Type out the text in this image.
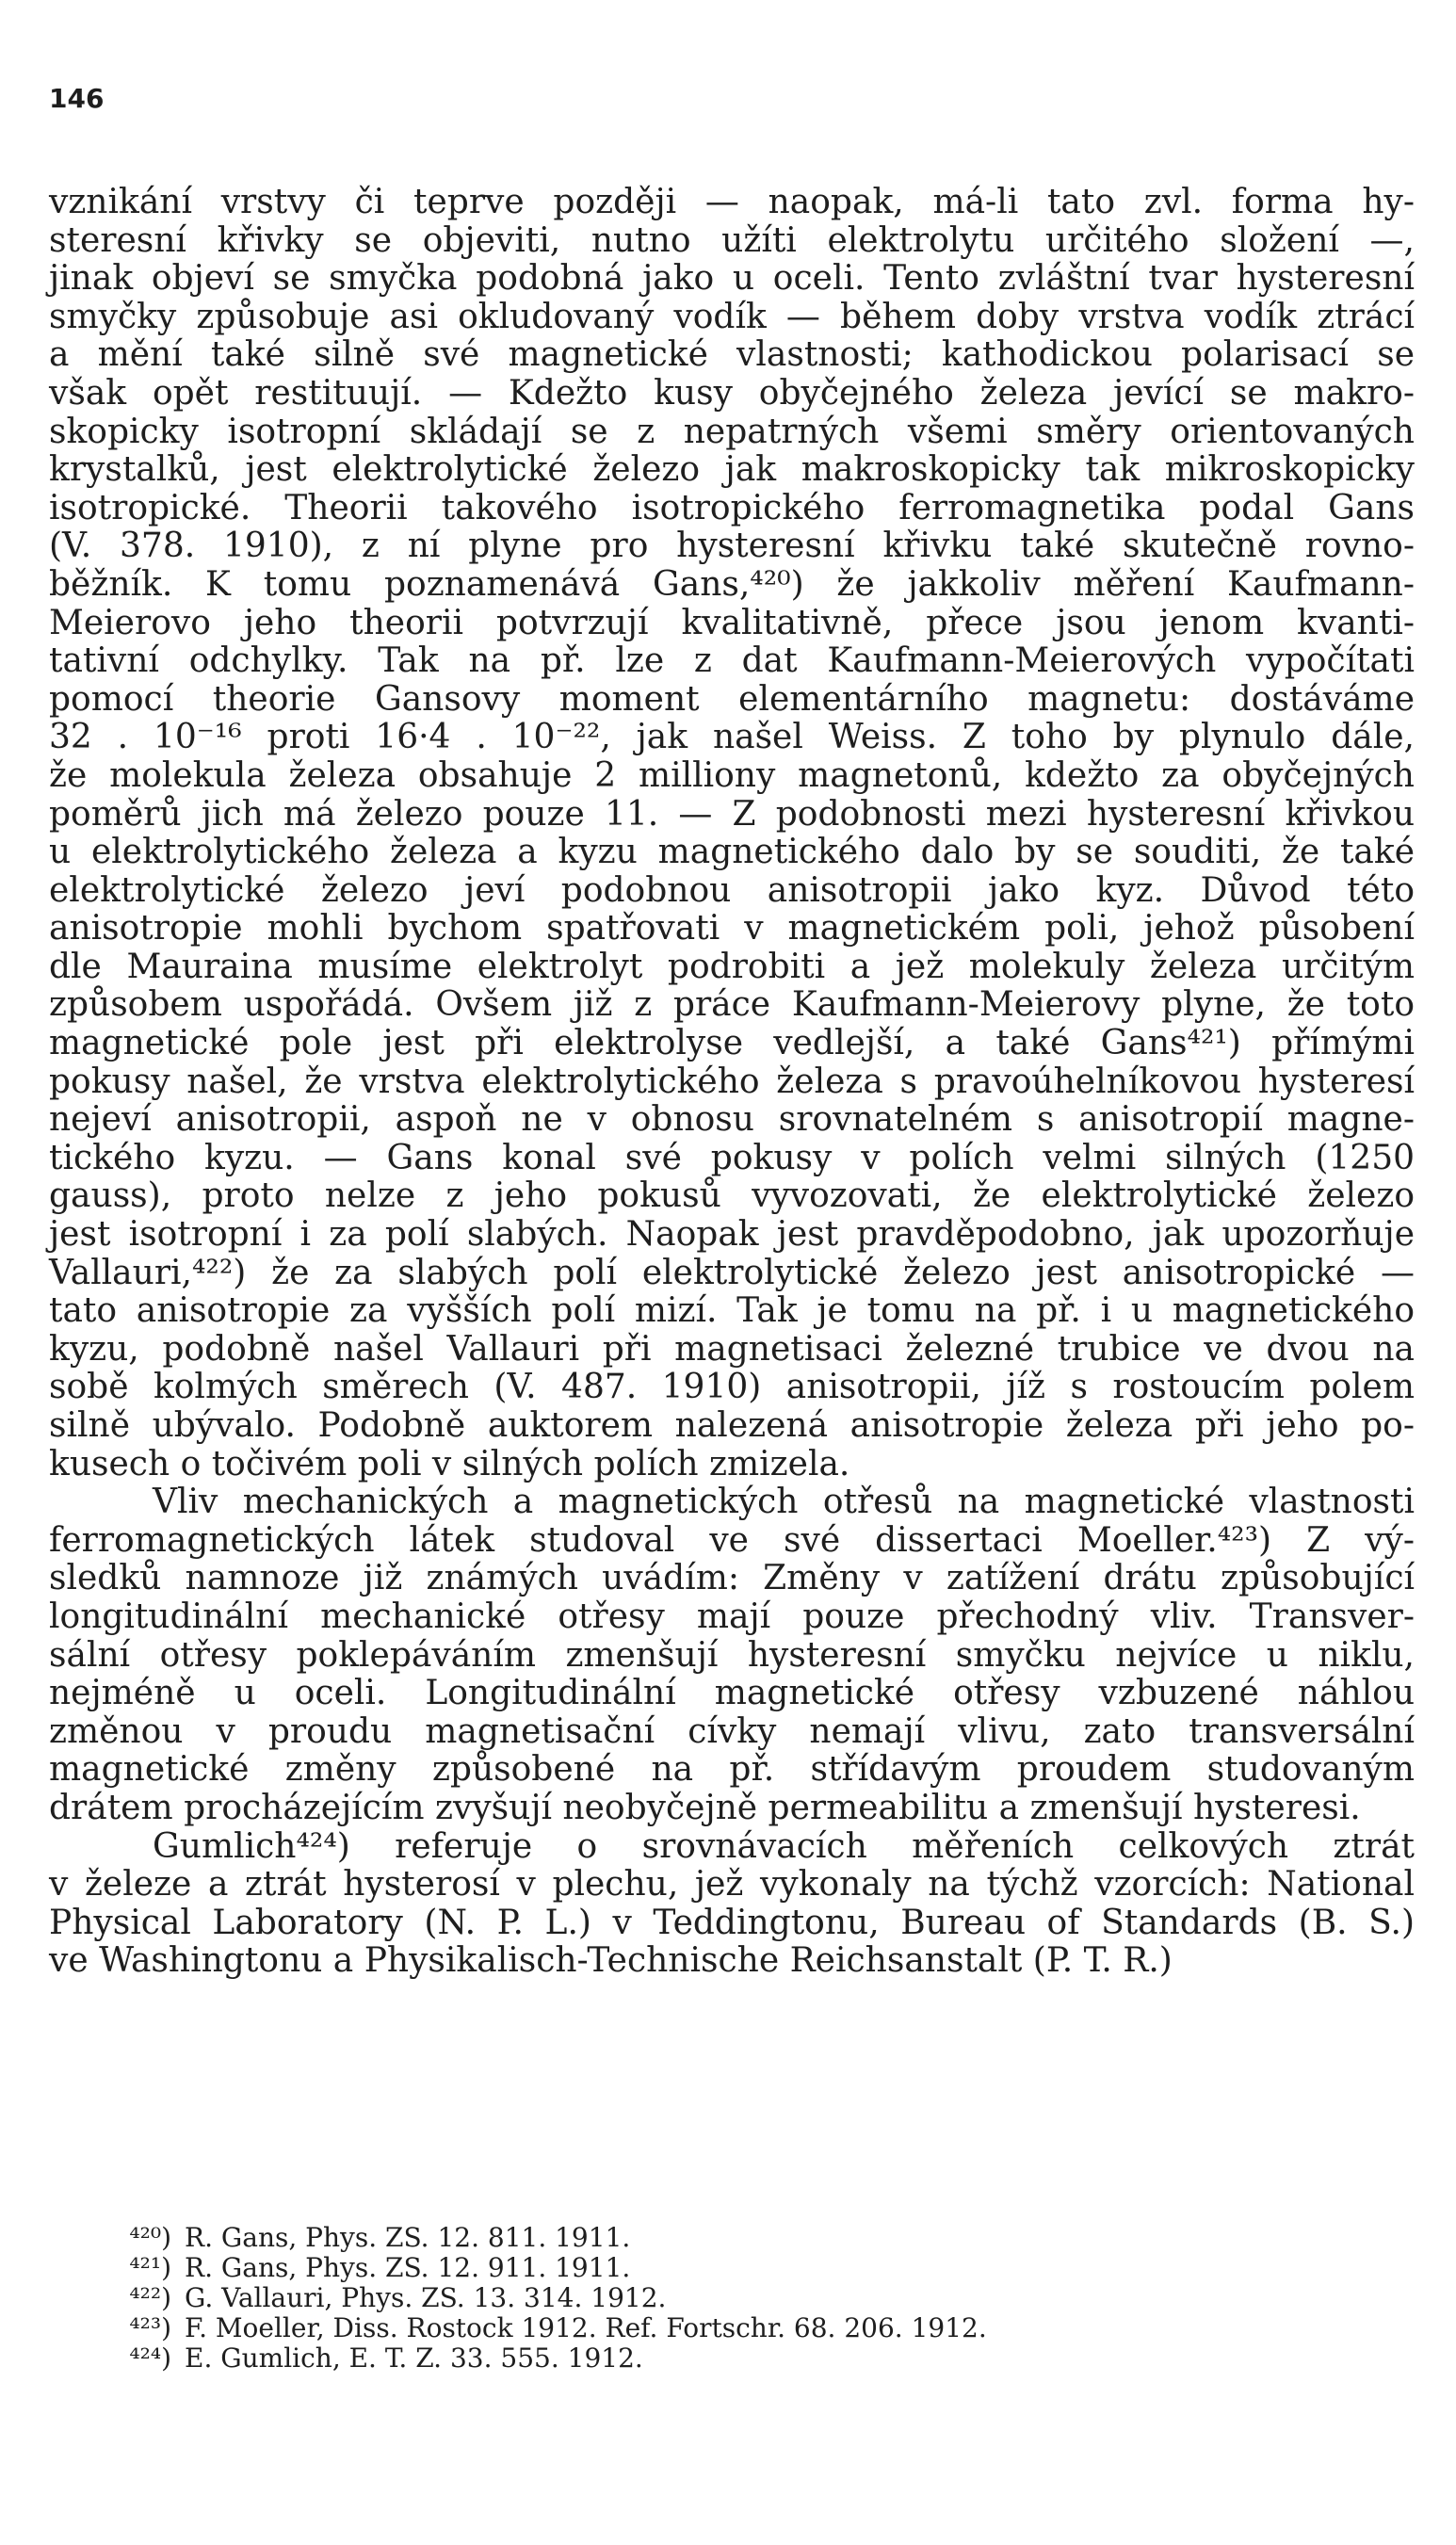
146
vznikání vrstvy či teprve později — naopak, má-li tato zvl. forma hy-
steresní křivky se objeviti, nutno užíti elektrolytu určitého složení —,
jinak objeví se smyčka podobná jako u oceli. Tento zvláštní tvar hysteresní
smyčky způsobuje asi okludovaný vodík — během doby vrstva vodík ztrácí
a mění také silně své magnetické vlastnosti; kathodickou polarisací se
však opět restituují. — Kdežto kusy obyčejného železa jevící se makro-
skopicky isotropní skládají se z nepatrných všemi směry orientovaných
krystalků, jest elektrolytické železo jak makroskopicky tak mikroskopicky
isotropické. Theorii takového isotropického ferromagnetika podal Gans
(V. 378. 1910), z ní plyne pro hysteresní křivku také skutečně rovno-
běžník. K tomu poznamenává Gans,⁴²⁰) že jakkoliv měření Kaufmann-
Meierovo jeho theorii potvrzují kvalitativně, přece jsou jenom kvanti-
tativní odchylky. Tak na př. lze z dat Kaufmann-Meierových vypočítati
pomocí theorie Gansovy moment elementárního magnetu: dostáváme
32 . 10⁻¹⁶ proti 16·4 . 10⁻²², jak našel Weiss. Z toho by plynulo dále,
že molekula železa obsahuje 2 milliony magnetonů, kdežto za obyčejných
poměrů jich má železo pouze 11. — Z podobnosti mezi hysteresní křivkou
u elektrolytického železa a kyzu magnetického dalo by se souditi, že také
elektrolytické železo jeví podobnou anisotropii jako kyz. Důvod této
anisotropie mohli bychom spatřovati v magnetickém poli, jehož působení
dle Mauraina musíme elektrolyt podrobiti a jež molekuly železa určitým
způsobem uspořádá. Ovšem již z práce Kaufmann-Meierovy plyne, že toto
magnetické pole jest při elektrolyse vedlejší, a také Gans⁴²¹) přímými
pokusy našel, že vrstva elektrolytického železa s pravoúhelníkovou hysteresí
nejeví anisotropii, aspoň ne v obnosu srovnatelném s anisotropií magne-
tického kyzu. — Gans konal své pokusy v polích velmi silných (1250
gauss), proto nelze z jeho pokusů vyvozovati, že elektrolytické železo
jest isotropní i za polí slabých. Naopak jest pravděpodobno, jak upozorňuje
Vallauri,⁴²²) že za slabých polí elektrolytické železo jest anisotropické —
tato anisotropie za vyšších polí mizí. Tak je tomu na př. i u magnetického
kyzu, podobně našel Vallauri při magnetisaci železné trubice ve dvou na
sobě kolmých směrech (V. 487. 1910) anisotropii, jíž s rostoucím polem
silně ubývalo. Podobně auktorem nalezená anisotropie železa při jeho po-
kusech o točivém poli v silných polích zmizela.
Vliv mechanických a magnetických otřesů na magnetické vlastnosti
ferromagnetických látek studoval ve své dissertaci Moeller.⁴²³) Z vý-
sledků namnoze již známých uvádím: Změny v zatížení drátu způsobující
longitudinální mechanické otřesy mají pouze přechodný vliv. Transver-
sální otřesy poklepáváním zmenšují hysteresní smyčku nejvíce u niklu,
nejméně u oceli. Longitudinální magnetické otřesy vzbuzené náhlou
změnou v proudu magnetisační cívky nemají vlivu, zato transversální
magnetické změny způsobené na př. střídavým proudem studovaným
drátem procházejícím zvyšují neobyčejně permeabilitu a zmenšují hysteresi.
Gumlich⁴²⁴) referuje o srovnávacích měřeních celkových ztrát
v železe a ztrát hysterosí v plechu, jež vykonaly na týchž vzorcích: National
Physical Laboratory (N. P. L.) v Teddingtonu, Bureau of Standards (B. S.)
ve Washingtonu a Physikalisch-Technische Reichsanstalt (P. T. R.)
⁴²⁰) R. Gans, Phys. ZS. 12. 811. 1911.
⁴²¹) R. Gans, Phys. ZS. 12. 911. 1911.
⁴²²) G. Vallauri, Phys. ZS. 13. 314. 1912.
⁴²³) F. Moeller, Diss. Rostock 1912. Ref. Fortschr. 68. 206. 1912.
⁴²⁴) E. Gumlich, E. T. Z. 33. 555. 1912.
